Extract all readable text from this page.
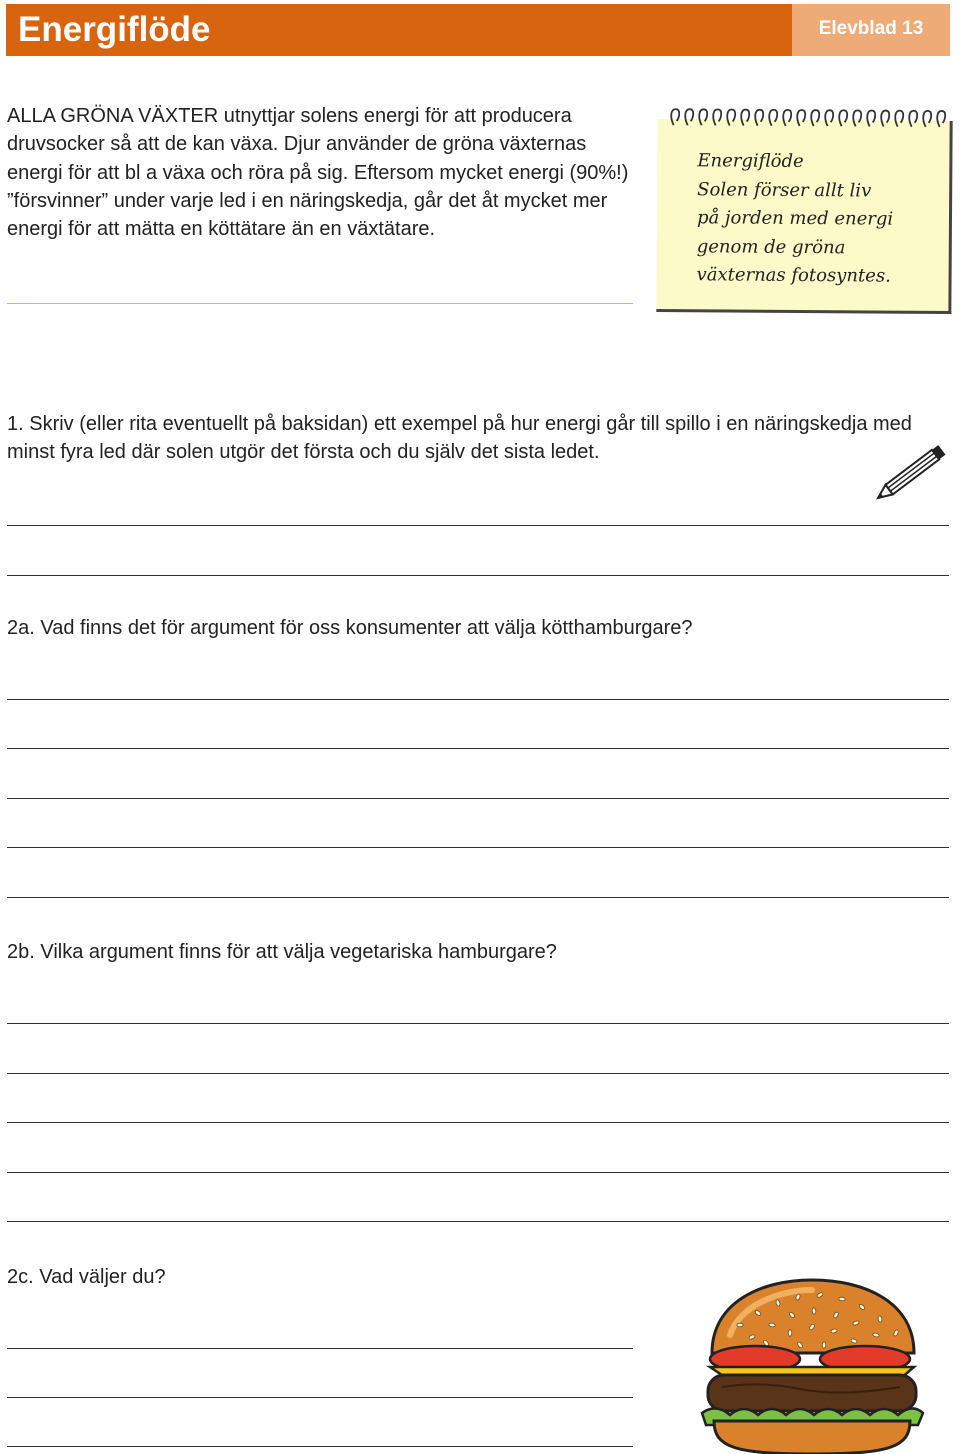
Energiflöde	Elevblad 13

ALLA GRÖNA VÄXTER utnyttjar solens energi för att producera druvsocker så att de kan växa. Djur använder de gröna växternas energi för att bl a växa och röra på sig. Eftersom mycket energi (90%!) ”försvinner” under varje led i en näringskedja, går det åt mycket mer energi för att mätta en köttätare än en växtätare.

Energiflöde
Solen förser allt liv
på jorden med energi
genom de gröna
växternas fotosyntes.

1. Skriv (eller rita eventuellt på baksidan) ett exempel på hur energi går till spillo i en näringskedja med minst fyra led där solen utgör det första och du själv det sista ledet.

2a. Vad finns det för argument för oss konsumenter att välja kötthamburgare?

2b. Vilka argument finns för att välja vegetariska hamburgare?

2c. Vad väljer du?
